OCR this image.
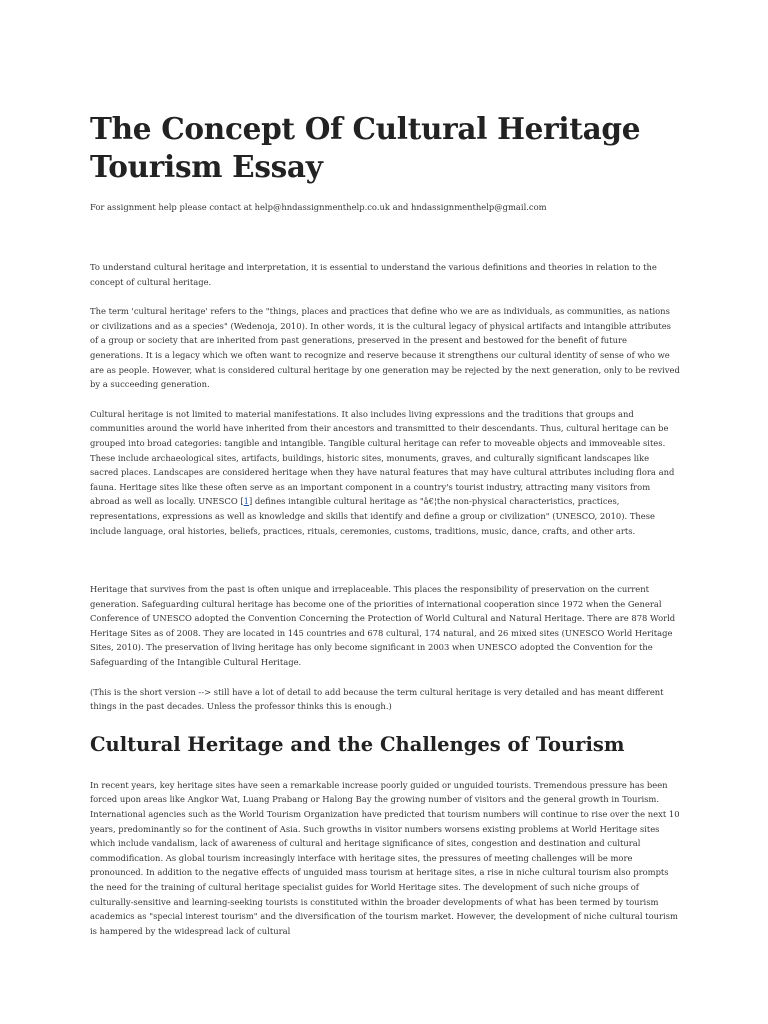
The Concept Of Cultural Heritage Tourism Essay

For assignment help please contact at help@hndassignmenthelp.co.uk and hndassignmenthelp@gmail.com

To understand cultural heritage and interpretation, it is essential to understand the various definitions and theories in relation to the concept of cultural heritage.

The term 'cultural heritage' refers to the "things, places and practices that define who we are as individuals, as communities, as nations or civilizations and as a species" (Wedenoja, 2010). In other words, it is the cultural legacy of physical artifacts and intangible attributes of a group or society that are inherited from past generations, preserved in the present and bestowed for the benefit of future generations. It is a legacy which we often want to recognize and reserve because it strengthens our cultural identity of sense of who we are as people. However, what is considered cultural heritage by one generation may be rejected by the next generation, only to be revived by a succeeding generation.

Cultural heritage is not limited to material manifestations. It also includes living expressions and the traditions that groups and communities around the world have inherited from their ancestors and transmitted to their descendants. Thus, cultural heritage can be grouped into broad categories: tangible and intangible. Tangible cultural heritage can refer to moveable objects and immoveable sites. These include archaeological sites, artifacts, buildings, historic sites, monuments, graves, and culturally significant landscapes like sacred places. Landscapes are considered heritage when they have natural features that may have cultural attributes including flora and fauna. Heritage sites like these often serve as an important component in a country's tourist industry, attracting many visitors from abroad as well as locally. UNESCO [1] defines intangible cultural heritage as "â€¦the non-physical characteristics, practices, representations, expressions as well as knowledge and skills that identify and define a group or civilization" (UNESCO, 2010). These include language, oral histories, beliefs, practices, rituals, ceremonies, customs, traditions, music, dance, crafts, and other arts.

Heritage that survives from the past is often unique and irreplaceable. This places the responsibility of preservation on the current generation. Safeguarding cultural heritage has become one of the priorities of international cooperation since 1972 when the General Conference of UNESCO adopted the Convention Concerning the Protection of World Cultural and Natural Heritage. There are 878 World Heritage Sites as of 2008. They are located in 145 countries and 678 cultural, 174 natural, and 26 mixed sites (UNESCO World Heritage Sites, 2010). The preservation of living heritage has only become significant in 2003 when UNESCO adopted the Convention for the Safeguarding of the Intangible Cultural Heritage.

(This is the short version --> still have a lot of detail to add because the term cultural heritage is very detailed and has meant different things in the past decades. Unless the professor thinks this is enough.)

Cultural Heritage and the Challenges of Tourism

In recent years, key heritage sites have seen a remarkable increase poorly guided or unguided tourists. Tremendous pressure has been forced upon areas like Angkor Wat, Luang Prabang or Halong Bay the growing number of visitors and the general growth in Tourism. International agencies such as the World Tourism Organization have predicted that tourism numbers will continue to rise over the next 10 years, predominantly so for the continent of Asia. Such growths in visitor numbers worsens existing problems at World Heritage sites which include vandalism, lack of awareness of cultural and heritage significance of sites, congestion and destination and cultural commodification. As global tourism increasingly interface with heritage sites, the pressures of meeting challenges will be more pronounced. In addition to the negative effects of unguided mass tourism at heritage sites, a rise in niche cultural tourism also prompts the need for the training of cultural heritage specialist guides for World Heritage sites. The development of such niche groups of culturally-sensitive and learning-seeking tourists is constituted within the broader developments of what has been termed by tourism academics as "special interest tourism" and the diversification of the tourism market. However, the development of niche cultural tourism is hampered by the widespread lack of cultural
